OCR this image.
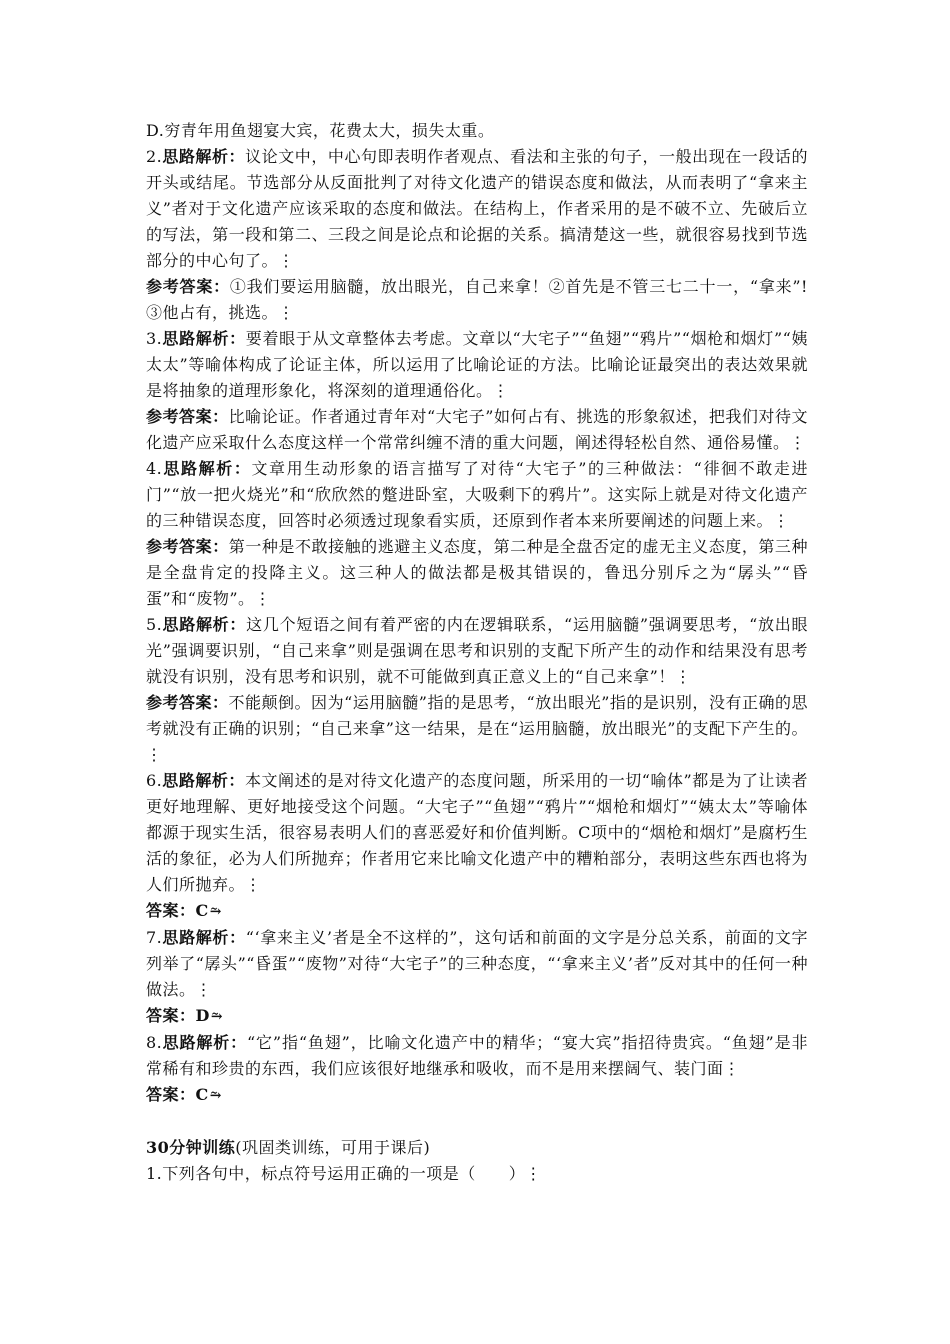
D.穷青年用鱼翅宴大宾，花费太大，损失太重。

2.思路解析：议论文中，中心句即表明作者观点、看法和主张的句子，一般出现在一段话的开头或结尾。节选部分从反面批判了对待文化遗产的错误态度和做法，从而表明了“拿来主义”者对于文化遗产应该采取的态度和做法。在结构上，作者采用的是不破不立、先破后立的写法，第一段和第二、三段之间是论点和论据的关系。搞清楚这一些，就很容易找到节选部分的中心句了。⋮

参考答案：①我们要运用脑髓，放出眼光，自己来拿！②首先是不管三七二十一，“拿来”!③他占有，挑选。⋮

3.思路解析：要着眼于从文章整体去考虑。文章以“大宅子”“鱼翅”“鸦片”“烟枪和烟灯”“姨太太”等喻体构成了论证主体，所以运用了比喻论证的方法。比喻论证最突出的表达效果就是将抽象的道理形象化，将深刻的道理通俗化。⋮

参考答案：比喻论证。作者通过青年对“大宅子”如何占有、挑选的形象叙述，把我们对待文化遗产应采取什么态度这样一个常常纠缠不清的重大问题，阐述得轻松自然、通俗易懂。⋮

4.思路解析：文章用生动形象的语言描写了对待“大宅子”的三种做法：“徘徊不敢走进门”“放一把火烧光”和“欣欣然的蹩进卧室，大吸剩下的鸦片”。这实际上就是对待文化遗产的三种错误态度，回答时必须透过现象看实质，还原到作者本来所要阐述的问题上来。⋮

参考答案：第一种是不敢接触的逃避主义态度，第二种是全盘否定的虚无主义态度，第三种是全盘肯定的投降主义。这三种人的做法都是极其错误的，鲁迅分别斥之为“孱头”“昏蛋”和“废物”。⋮

5.思路解析：这几个短语之间有着严密的内在逻辑联系，“运用脑髓”强调要思考，“放出眼光”强调要识别，“自己来拿”则是强调在思考和识别的支配下所产生的动作和结果没有思考就没有识别，没有思考和识别，就不可能做到真正意义上的“自己来拿”！⋮

参考答案：不能颠倒。因为“运用脑髓”指的是思考，“放出眼光”指的是识别，没有正确的思考就没有正确的识别；“自己来拿”这一结果，是在“运用脑髓，放出眼光”的支配下产生的。⋮

6.思路解析：本文阐述的是对待文化遗产的态度问题，所采用的一切“喻体”都是为了让读者更好地理解、更好地接受这个问题。“大宅子”“鱼翅”“鸦片”“烟枪和烟灯”“姨太太”等喻体都源于现实生活，很容易表明人们的喜恶爱好和价值判断。C项中的“烟枪和烟灯”是腐朽生活的象征，必为人们所抛弃；作者用它来比喻文化遗产中的糟粕部分，表明这些东西也将为人们所抛弃。⋮

答案：C⥲

7.思路解析：“‘拿来主义’者是全不这样的”，这句话和前面的文字是分总关系，前面的文字列举了“孱头”“昏蛋”“废物”对待“大宅子”的三种态度，“‘拿来主义’者”反对其中的任何一种做法。⋮

答案：D⥲

8.思路解析：“它”指“鱼翅”，比喻文化遗产中的精华；“宴大宾”指招待贵宾。“鱼翅”是非常稀有和珍贵的东西，我们应该很好地继承和吸收，而不是用来摆阔气、装门面⋮

答案：C⥲

30分钟训练(巩固类训练，可用于课后)

1.下列各句中，标点符号运用正确的一项是（　　）⋮
